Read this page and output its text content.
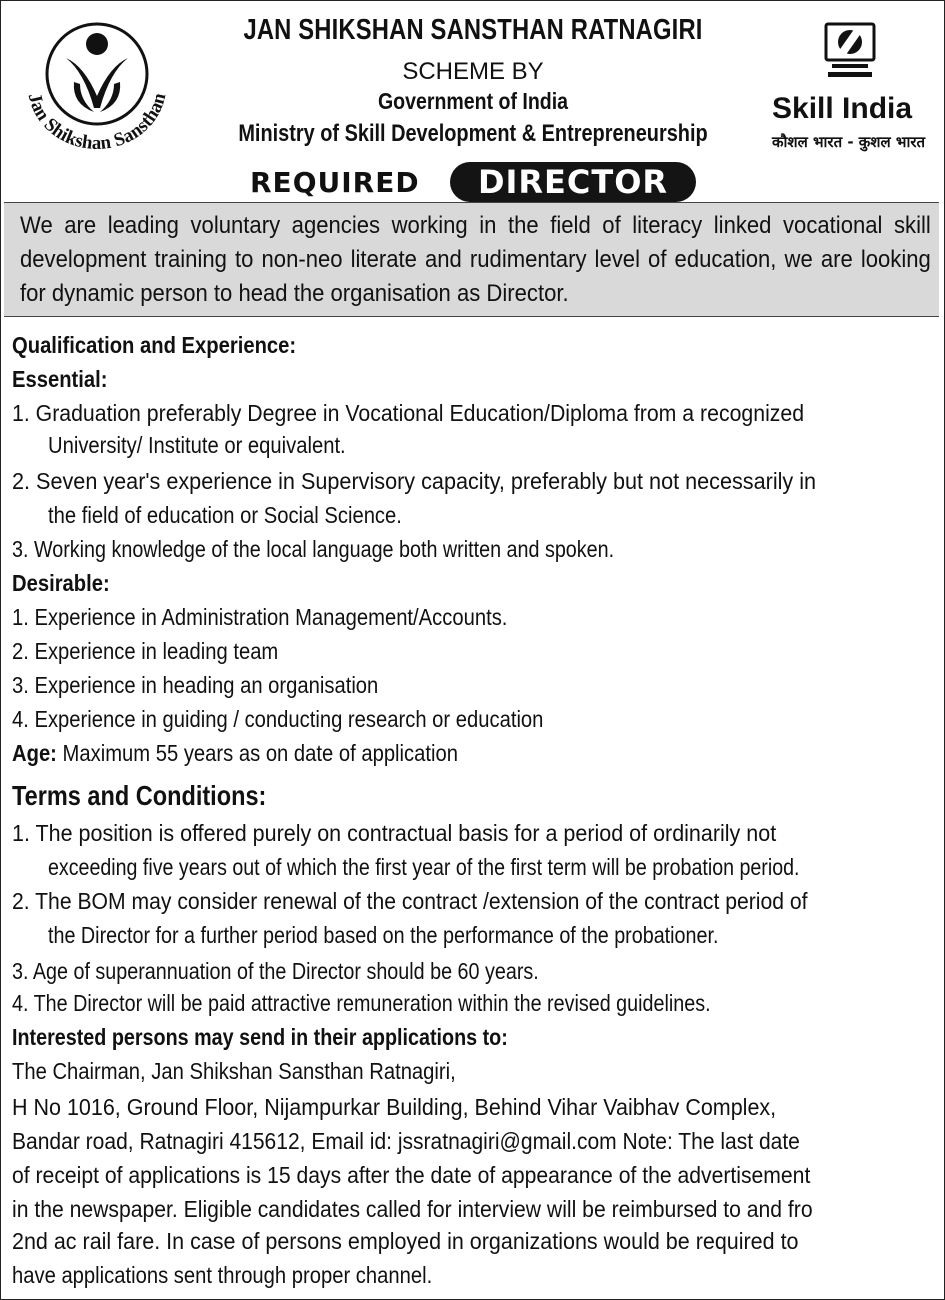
Jan Shikshan Sansthan
JAN SHIKSHAN SANSTHAN RATNAGIRI
SCHEME BY
Government of India
Ministry of Skill Development & Entrepreneurship
Skill India
कौशल भारत - कुशल भारत
REQUIRED	DIRECTOR

We are leading voluntary agencies working in the field of literacy linked vocational skill development training to non-neo literate and rudimentary level of education, we are looking for dynamic person to head the organisation as Director.

Qualification and Experience:
Essential:
1. Graduation preferably Degree in Vocational Education/Diploma from a recognized
University/ Institute or equivalent.
2. Seven year's experience in Supervisory capacity, preferably but not necessarily in
the field of education or Social Science.
3. Working knowledge of the local language both written and spoken.
Desirable:
1. Experience in Administration Management/Accounts.
2. Experience in leading team
3. Experience in heading an organisation
4. Experience in guiding / conducting research or education
Age: Maximum 55 years as on date of application
Terms and Conditions:
1. The position is offered purely on contractual basis for a period of ordinarily not
exceeding five years out of which the first year of the first term will be probation period.
2. The BOM may consider renewal of the contract /extension of the contract period of
the Director for a further period based on the performance of the probationer.
3. Age of superannuation of the Director should be 60 years.
4. The Director will be paid attractive remuneration within the revised guidelines.
Interested persons may send in their applications to:
The Chairman, Jan Shikshan Sansthan Ratnagiri,
H No 1016, Ground Floor, Nijampurkar Building, Behind Vihar Vaibhav Complex,
Bandar road, Ratnagiri 415612, Email id: jssratnagiri@gmail.com Note: The last date
of receipt of applications is 15 days after the date of appearance of the advertisement
in the newspaper. Eligible candidates called for interview will be reimbursed to and fro
2nd ac rail fare. In case of persons employed in organizations would be required to
have applications sent through proper channel.
